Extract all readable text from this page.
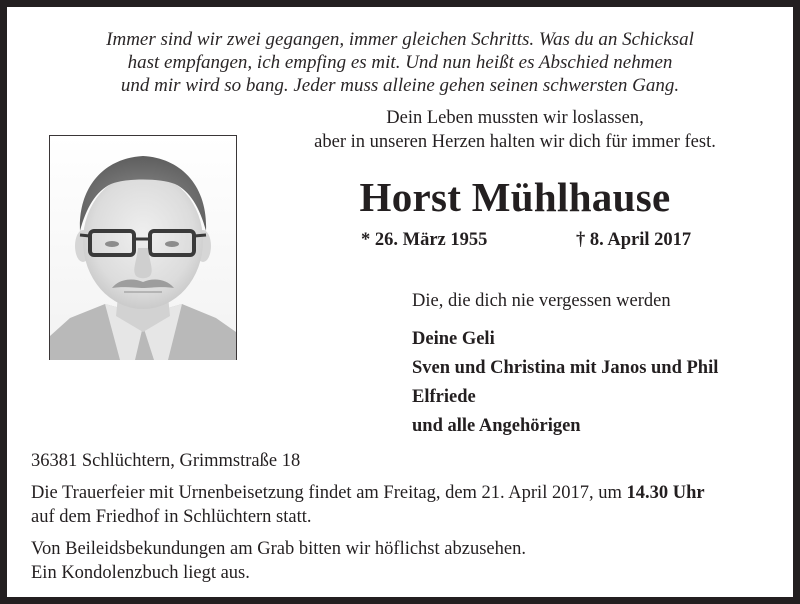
Immer sind wir zwei gegangen, immer gleichen Schritts. Was du an Schicksal
hast empfangen, ich empfing es mit. Und nun heißt es Abschied nehmen
und mir wird so bang. Jeder muss alleine gehen seinen schwersten Gang.
Dein Leben mussten wir loslassen,
aber in unseren Herzen halten wir dich für immer fest.
Horst Mühlhause
* 26. März 1955	† 8. April 2017
Die, die dich nie vergessen werden
Deine Geli
Sven und Christina mit Janos und Phil
Elfriede
und alle Angehörigen
36381 Schlüchtern, Grimmstraße 18
Die Trauerfeier mit Urnenbeisetzung findet am Freitag, dem 21. April 2017, um 14.30 Uhr
auf dem Friedhof in Schlüchtern statt.
Von Beileidsbekundungen am Grab bitten wir höflichst abzusehen.
Ein Kondolenzbuch liegt aus.
